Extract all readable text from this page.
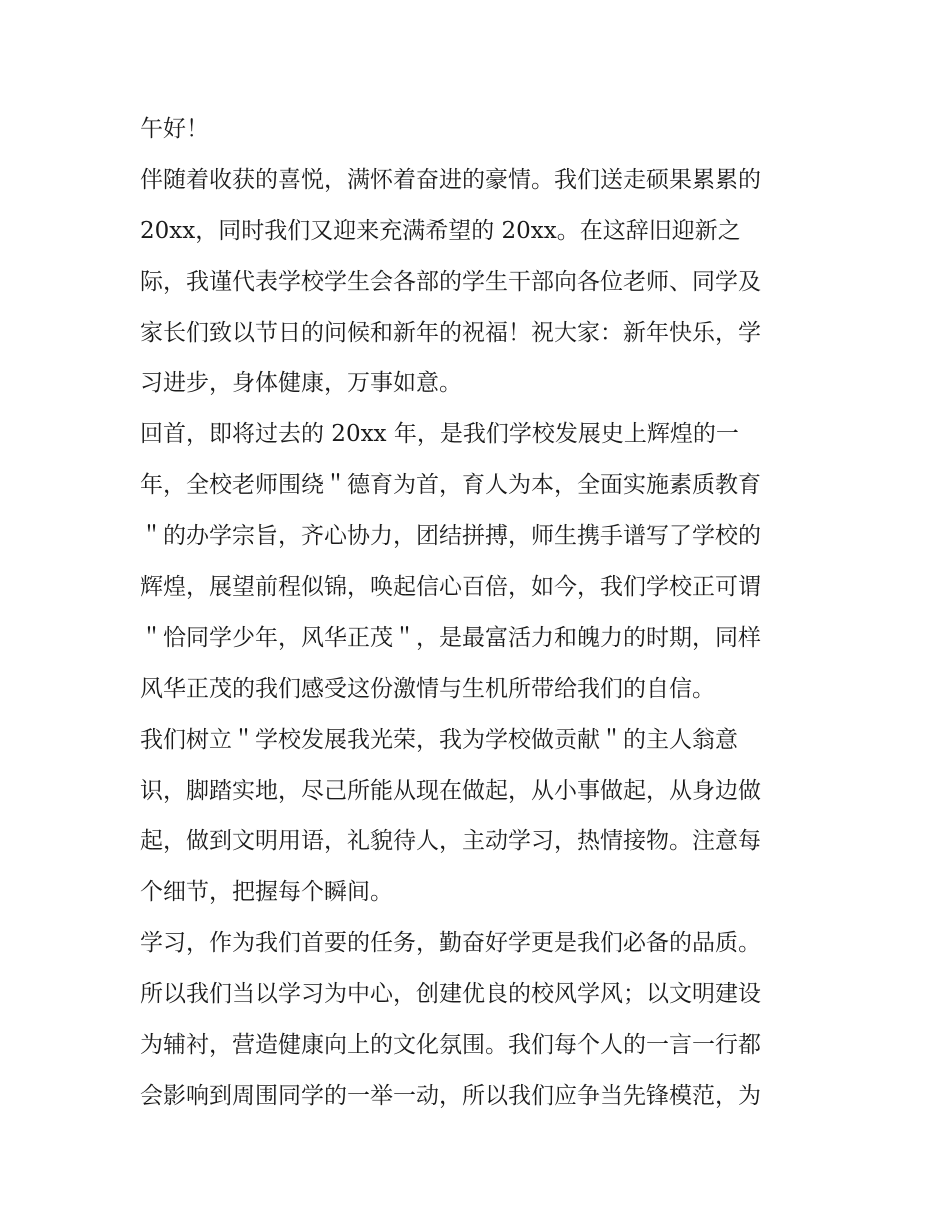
午好！
伴随着收获的喜悦，满怀着奋进的豪情。我们送走硕果累累的
20xx，同时我们又迎来充满希望的 20xx。在这辞旧迎新之
际，我谨代表学校学生会各部的学生干部向各位老师、同学及
家长们致以节日的问候和新年的祝福！祝大家：新年快乐，学
习进步，身体健康，万事如意。
回首，即将过去的 20xx 年，是我们学校发展史上辉煌的一
年，全校老师围绕＂德育为首，育人为本，全面实施素质教育
＂的办学宗旨，齐心协力，团结拼搏，师生携手谱写了学校的
辉煌，展望前程似锦，唤起信心百倍，如今，我们学校正可谓
＂恰同学少年，风华正茂＂，是最富活力和魄力的时期，同样
风华正茂的我们感受这份激情与生机所带给我们的自信。
我们树立＂学校发展我光荣，我为学校做贡献＂的主人翁意
识，脚踏实地，尽己所能从现在做起，从小事做起，从身边做
起，做到文明用语，礼貌待人，主动学习，热情接物。注意每
个细节，把握每个瞬间。
学习，作为我们首要的任务，勤奋好学更是我们必备的品质。
所以我们当以学习为中心，创建优良的校风学风；以文明建设
为辅衬，营造健康向上的文化氛围。我们每个人的一言一行都
会影响到周围同学的一举一动，所以我们应争当先锋模范，为
